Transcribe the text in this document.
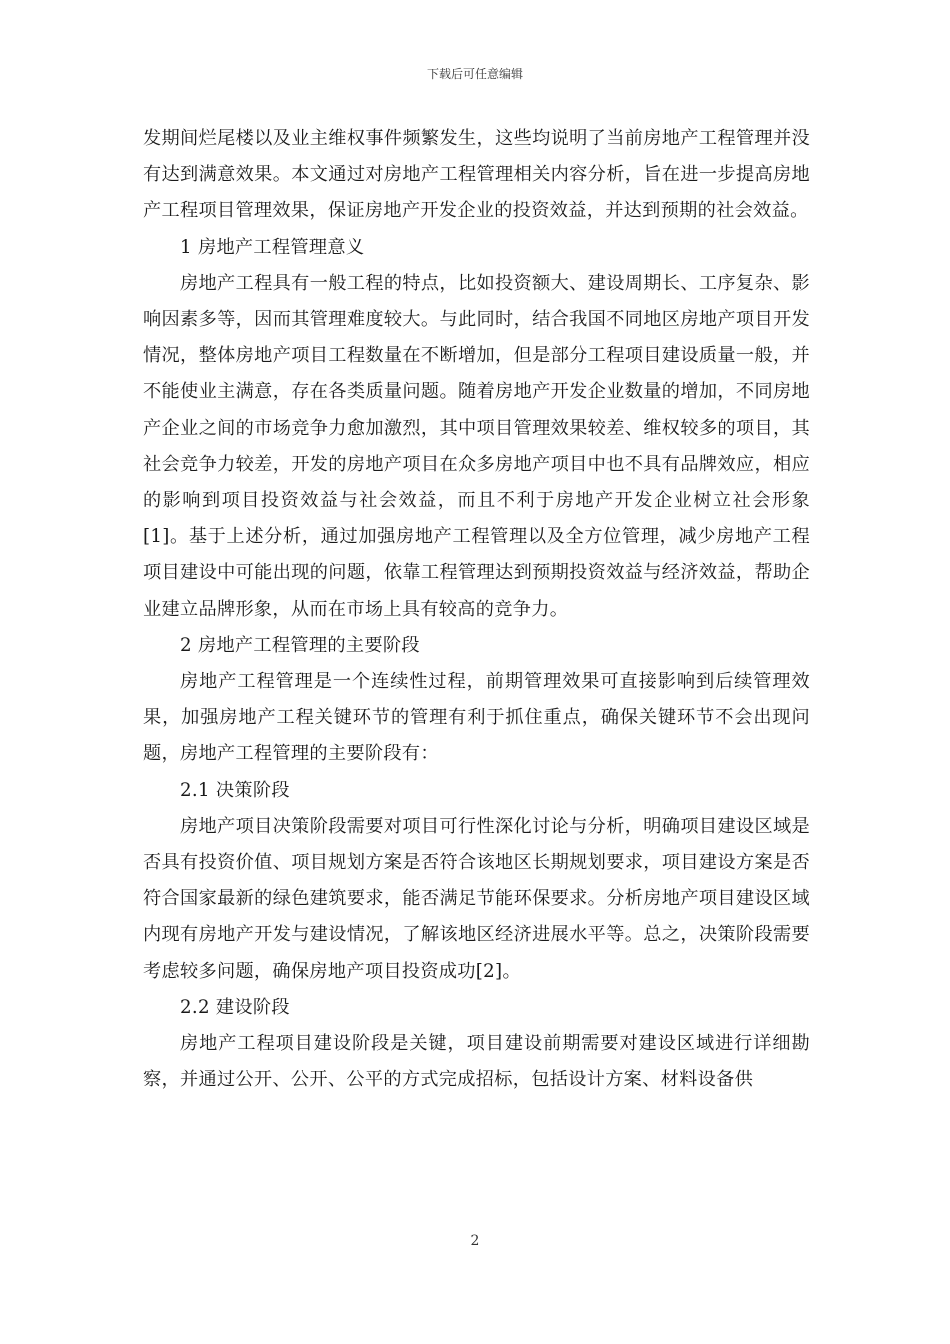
下载后可任意编辑

发期间烂尾楼以及业主维权事件频繁发生，这些均说明了当前房地产工程管理并没有达到满意效果。本文通过对房地产工程管理相关内容分析，旨在进一步提高房地产工程项目管理效果，保证房地产开发企业的投资效益，并达到预期的社会效益。

1 房地产工程管理意义

房地产工程具有一般工程的特点，比如投资额大、建设周期长、工序复杂、影响因素多等，因而其管理难度较大。与此同时，结合我国不同地区房地产项目开发情况，整体房地产项目工程数量在不断增加，但是部分工程项目建设质量一般，并不能使业主满意，存在各类质量问题。随着房地产开发企业数量的增加，不同房地产企业之间的市场竞争力愈加激烈，其中项目管理效果较差、维权较多的项目，其社会竞争力较差，开发的房地产项目在众多房地产项目中也不具有品牌效应，相应的影响到项目投资效益与社会效益，而且不利于房地产开发企业树立社会形象[1]。基于上述分析，通过加强房地产工程管理以及全方位管理，减少房地产工程项目建设中可能出现的问题，依靠工程管理达到预期投资效益与经济效益，帮助企业建立品牌形象，从而在市场上具有较高的竞争力。

2 房地产工程管理的主要阶段

房地产工程管理是一个连续性过程，前期管理效果可直接影响到后续管理效果，加强房地产工程关键环节的管理有利于抓住重点，确保关键环节不会出现问题，房地产工程管理的主要阶段有：

2.1 决策阶段

房地产项目决策阶段需要对项目可行性深化讨论与分析，明确项目建设区域是否具有投资价值、项目规划方案是否符合该地区长期规划要求，项目建设方案是否符合国家最新的绿色建筑要求，能否满足节能环保要求。分析房地产项目建设区域内现有房地产开发与建设情况，了解该地区经济进展水平等。总之，决策阶段需要考虑较多问题，确保房地产项目投资成功[2]。

2.2 建设阶段

房地产工程项目建设阶段是关键，项目建设前期需要对建设区域进行详细勘察，并通过公开、公开、公平的方式完成招标，包括设计方案、材料设备供

2
